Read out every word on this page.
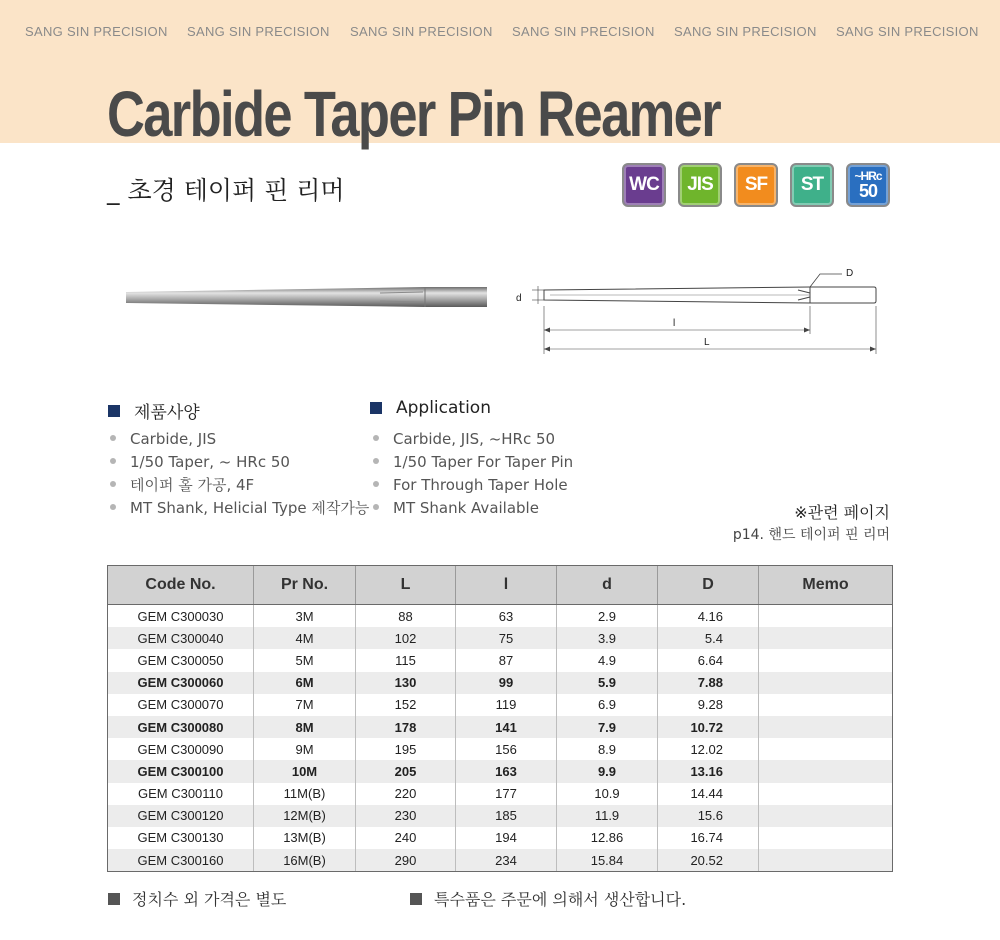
SANG SIN PRECISION SANG SIN PRECISION SANG SIN PRECISION SANG SIN PRECISION SANG SIN PRECISION SANG SIN PRECISION
Carbide Taper Pin Reamer
_ 초경 테이퍼 핀 리머	WC	JIS	SF	ST	~HRc
50
D
d
l
L
제품사양
Carbide, JIS
1/50 Taper, ~ HRc 50
테이퍼 홀 가공, 4F
MT Shank, Helicial Type 제작가능
Application
Carbide, JIS, ~HRc 50
1/50 Taper For Taper Pin
For Through Taper Hole
MT Shank Available	※관련 페이지
p14. 핸드 테이퍼 핀 리머
Code No.	Pr No.	L	l	d	D	Memo
GEM C300030	3M	88	63	2.9	4.16	
GEM C300040	4M	102	75	3.9	5.4	
GEM C300050	5M	115	87	4.9	6.64	
GEM C300060	6M	130	99	5.9	7.88	
GEM C300070	7M	152	119	6.9	9.28	
GEM C300080	8M	178	141	7.9	10.72	
GEM C300090	9M	195	156	8.9	12.02	
GEM C300100	10M	205	163	9.9	13.16	
GEM C300110	11M(B)	220	177	10.9	14.44	
GEM C300120	12M(B)	230	185	11.9	15.6	
GEM C300130	13M(B)	240	194	12.86	16.74	
GEM C300160	16M(B)	290	234	15.84	20.52	
정치수 외 가격은 별도	특수품은 주문에 의해서 생산합니다.
